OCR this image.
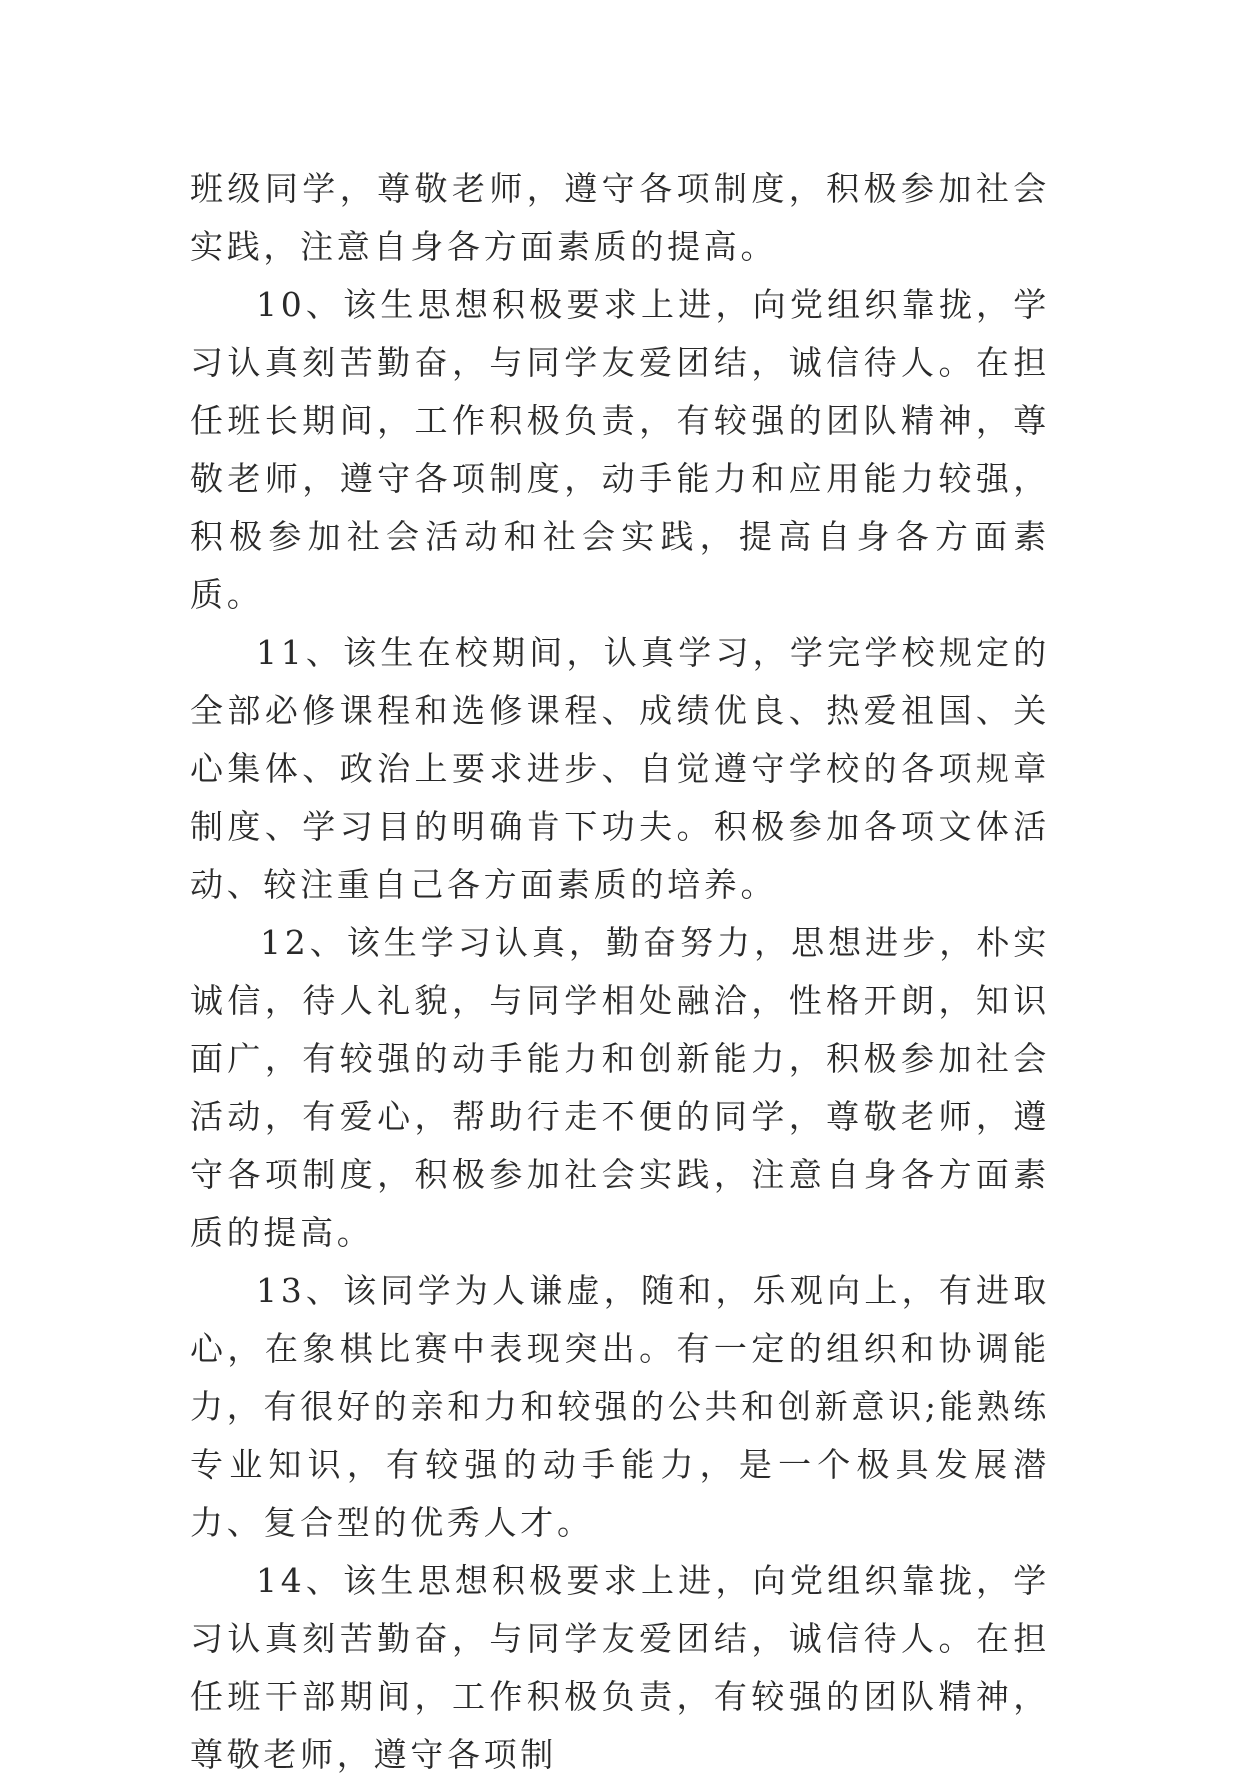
班级同学，尊敬老师，遵守各项制度，积极参加社会实践，注意自身各方面素质的提高。

10、该生思想积极要求上进，向党组织靠拢，学习认真刻苦勤奋，与同学友爱团结，诚信待人。在担任班长期间，工作积极负责，有较强的团队精神，尊敬老师，遵守各项制度，动手能力和应用能力较强，积极参加社会活动和社会实践，提高自身各方面素质。

11、该生在校期间，认真学习，学完学校规定的全部必修课程和选修课程、成绩优良、热爱祖国、关心集体、政治上要求进步、自觉遵守学校的各项规章制度、学习目的明确肯下功夫。积极参加各项文体活动、较注重自己各方面素质的培养。

12、该生学习认真，勤奋努力，思想进步，朴实诚信，待人礼貌，与同学相处融洽，性格开朗，知识面广，有较强的动手能力和创新能力，积极参加社会活动，有爱心，帮助行走不便的同学，尊敬老师，遵守各项制度，积极参加社会实践，注意自身各方面素质的提高。

13、该同学为人谦虚，随和，乐观向上，有进取心，在象棋比赛中表现突出。有一定的组织和协调能力，有很好的亲和力和较强的公共和创新意识;能熟练专业知识，有较强的动手能力，是一个极具发展潜力、复合型的优秀人才。

14、该生思想积极要求上进，向党组织靠拢，学习认真刻苦勤奋，与同学友爱团结，诚信待人。在担任班干部期间，工作积极负责，有较强的团队精神，尊敬老师，遵守各项制
